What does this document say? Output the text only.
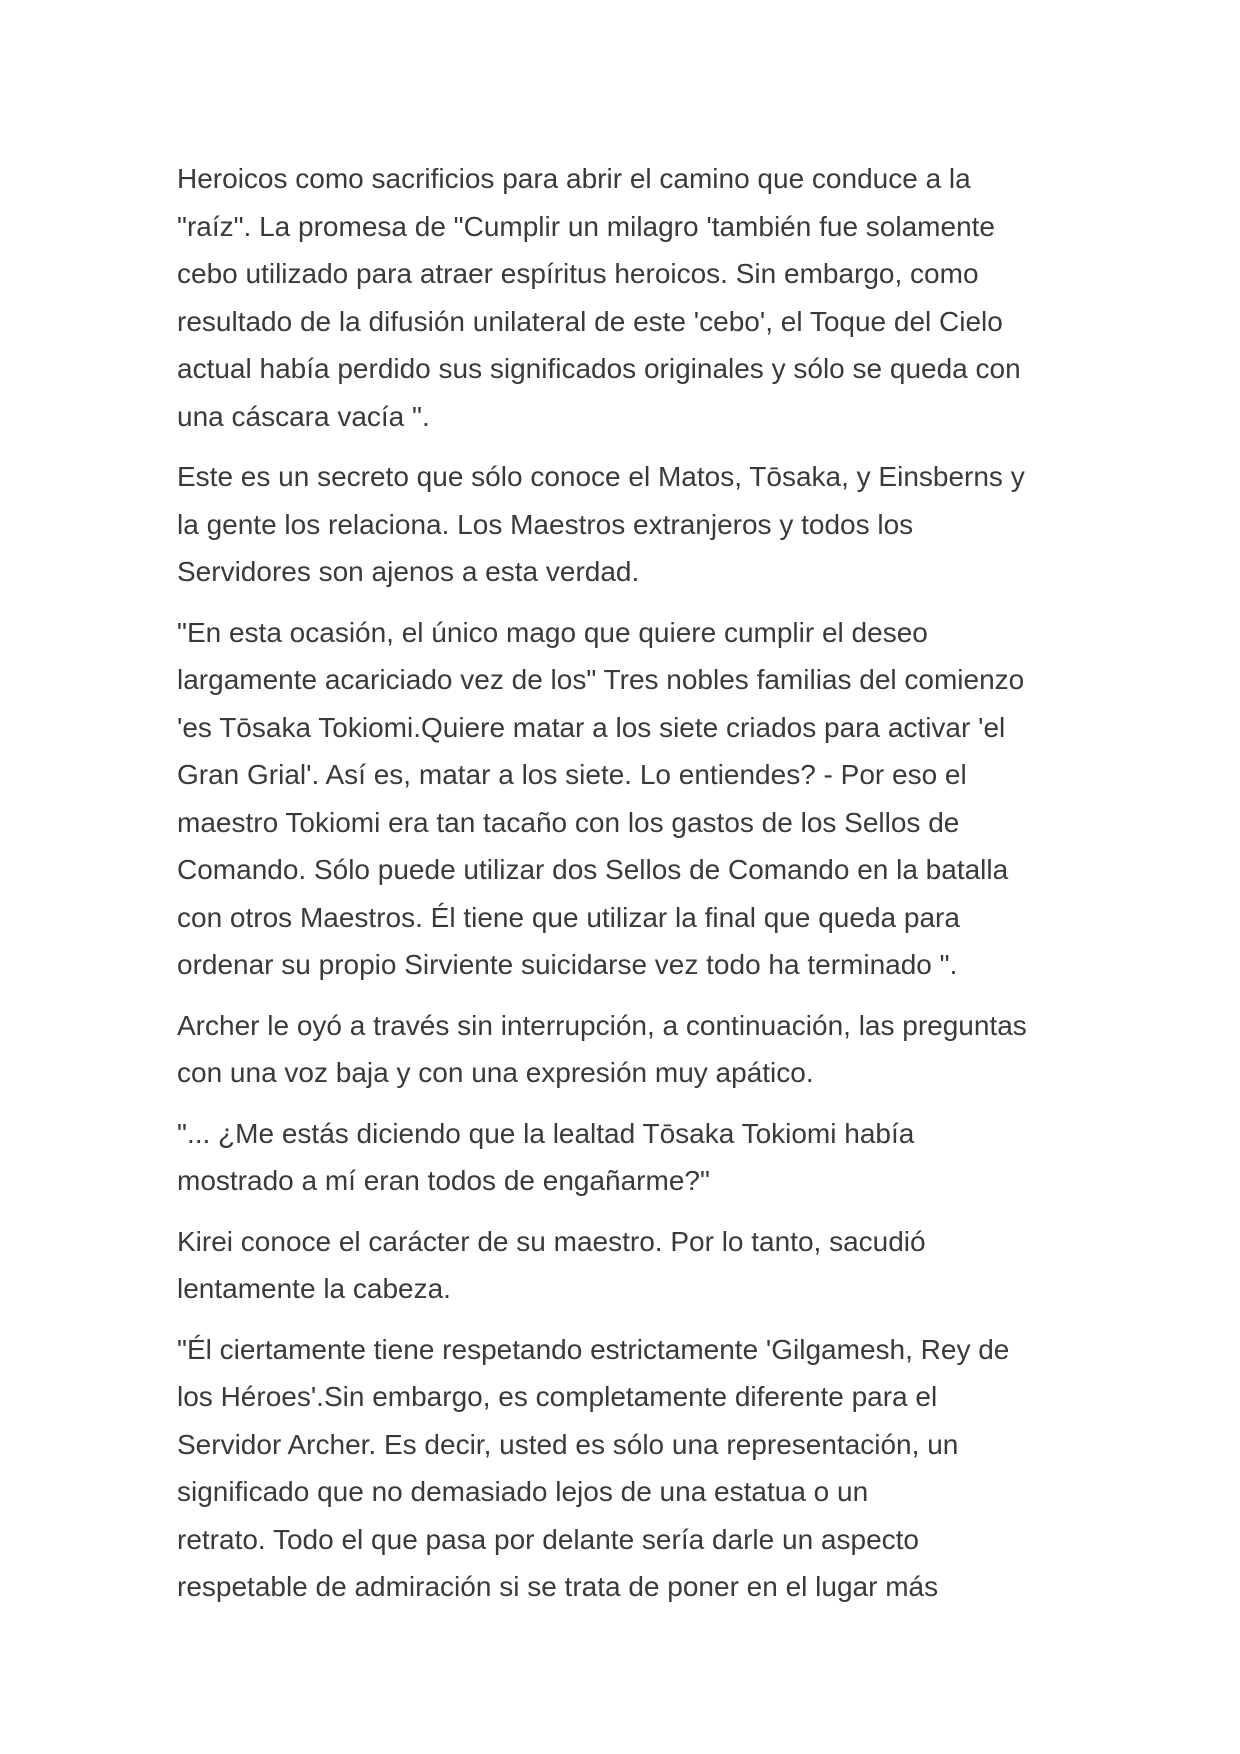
Heroicos como sacrificios para abrir el camino que conduce a la
"raíz". La promesa de "Cumplir un milagro 'también fue solamente
cebo utilizado para atraer espíritus heroicos. Sin embargo, como
resultado de la difusión unilateral de este 'cebo', el Toque del Cielo
actual había perdido sus significados originales y sólo se queda con
una cáscara vacía ".

Este es un secreto que sólo conoce el Matos, Tōsaka, y Einsberns y
la gente los relaciona. Los Maestros extranjeros y todos los
Servidores son ajenos a esta verdad.

"En esta ocasión, el único mago que quiere cumplir el deseo
largamente acariciado vez de los" Tres nobles familias del comienzo
'es Tōsaka Tokiomi.Quiere matar a los siete criados para activar 'el
Gran Grial'. Así es, matar a los siete. Lo entiendes? - Por eso el
maestro Tokiomi era tan tacaño con los gastos de los Sellos de
Comando. Sólo puede utilizar dos Sellos de Comando en la batalla
con otros Maestros. Él tiene que utilizar la final que queda para
ordenar su propio Sirviente suicidarse vez todo ha terminado ".

Archer le oyó a través sin interrupción, a continuación, las preguntas
con una voz baja y con una expresión muy apático.

"... ¿Me estás diciendo que la lealtad Tōsaka Tokiomi había
mostrado a mí eran todos de engañarme?"

Kirei conoce el carácter de su maestro. Por lo tanto, sacudió
lentamente la cabeza.

"Él ciertamente tiene respetando estrictamente 'Gilgamesh, Rey de
los Héroes'.Sin embargo, es completamente diferente para el
Servidor Archer. Es decir, usted es sólo una representación, un
significado que no demasiado lejos de una estatua o un
retrato. Todo el que pasa por delante sería darle un aspecto
respetable de admiración si se trata de poner en el lugar más
